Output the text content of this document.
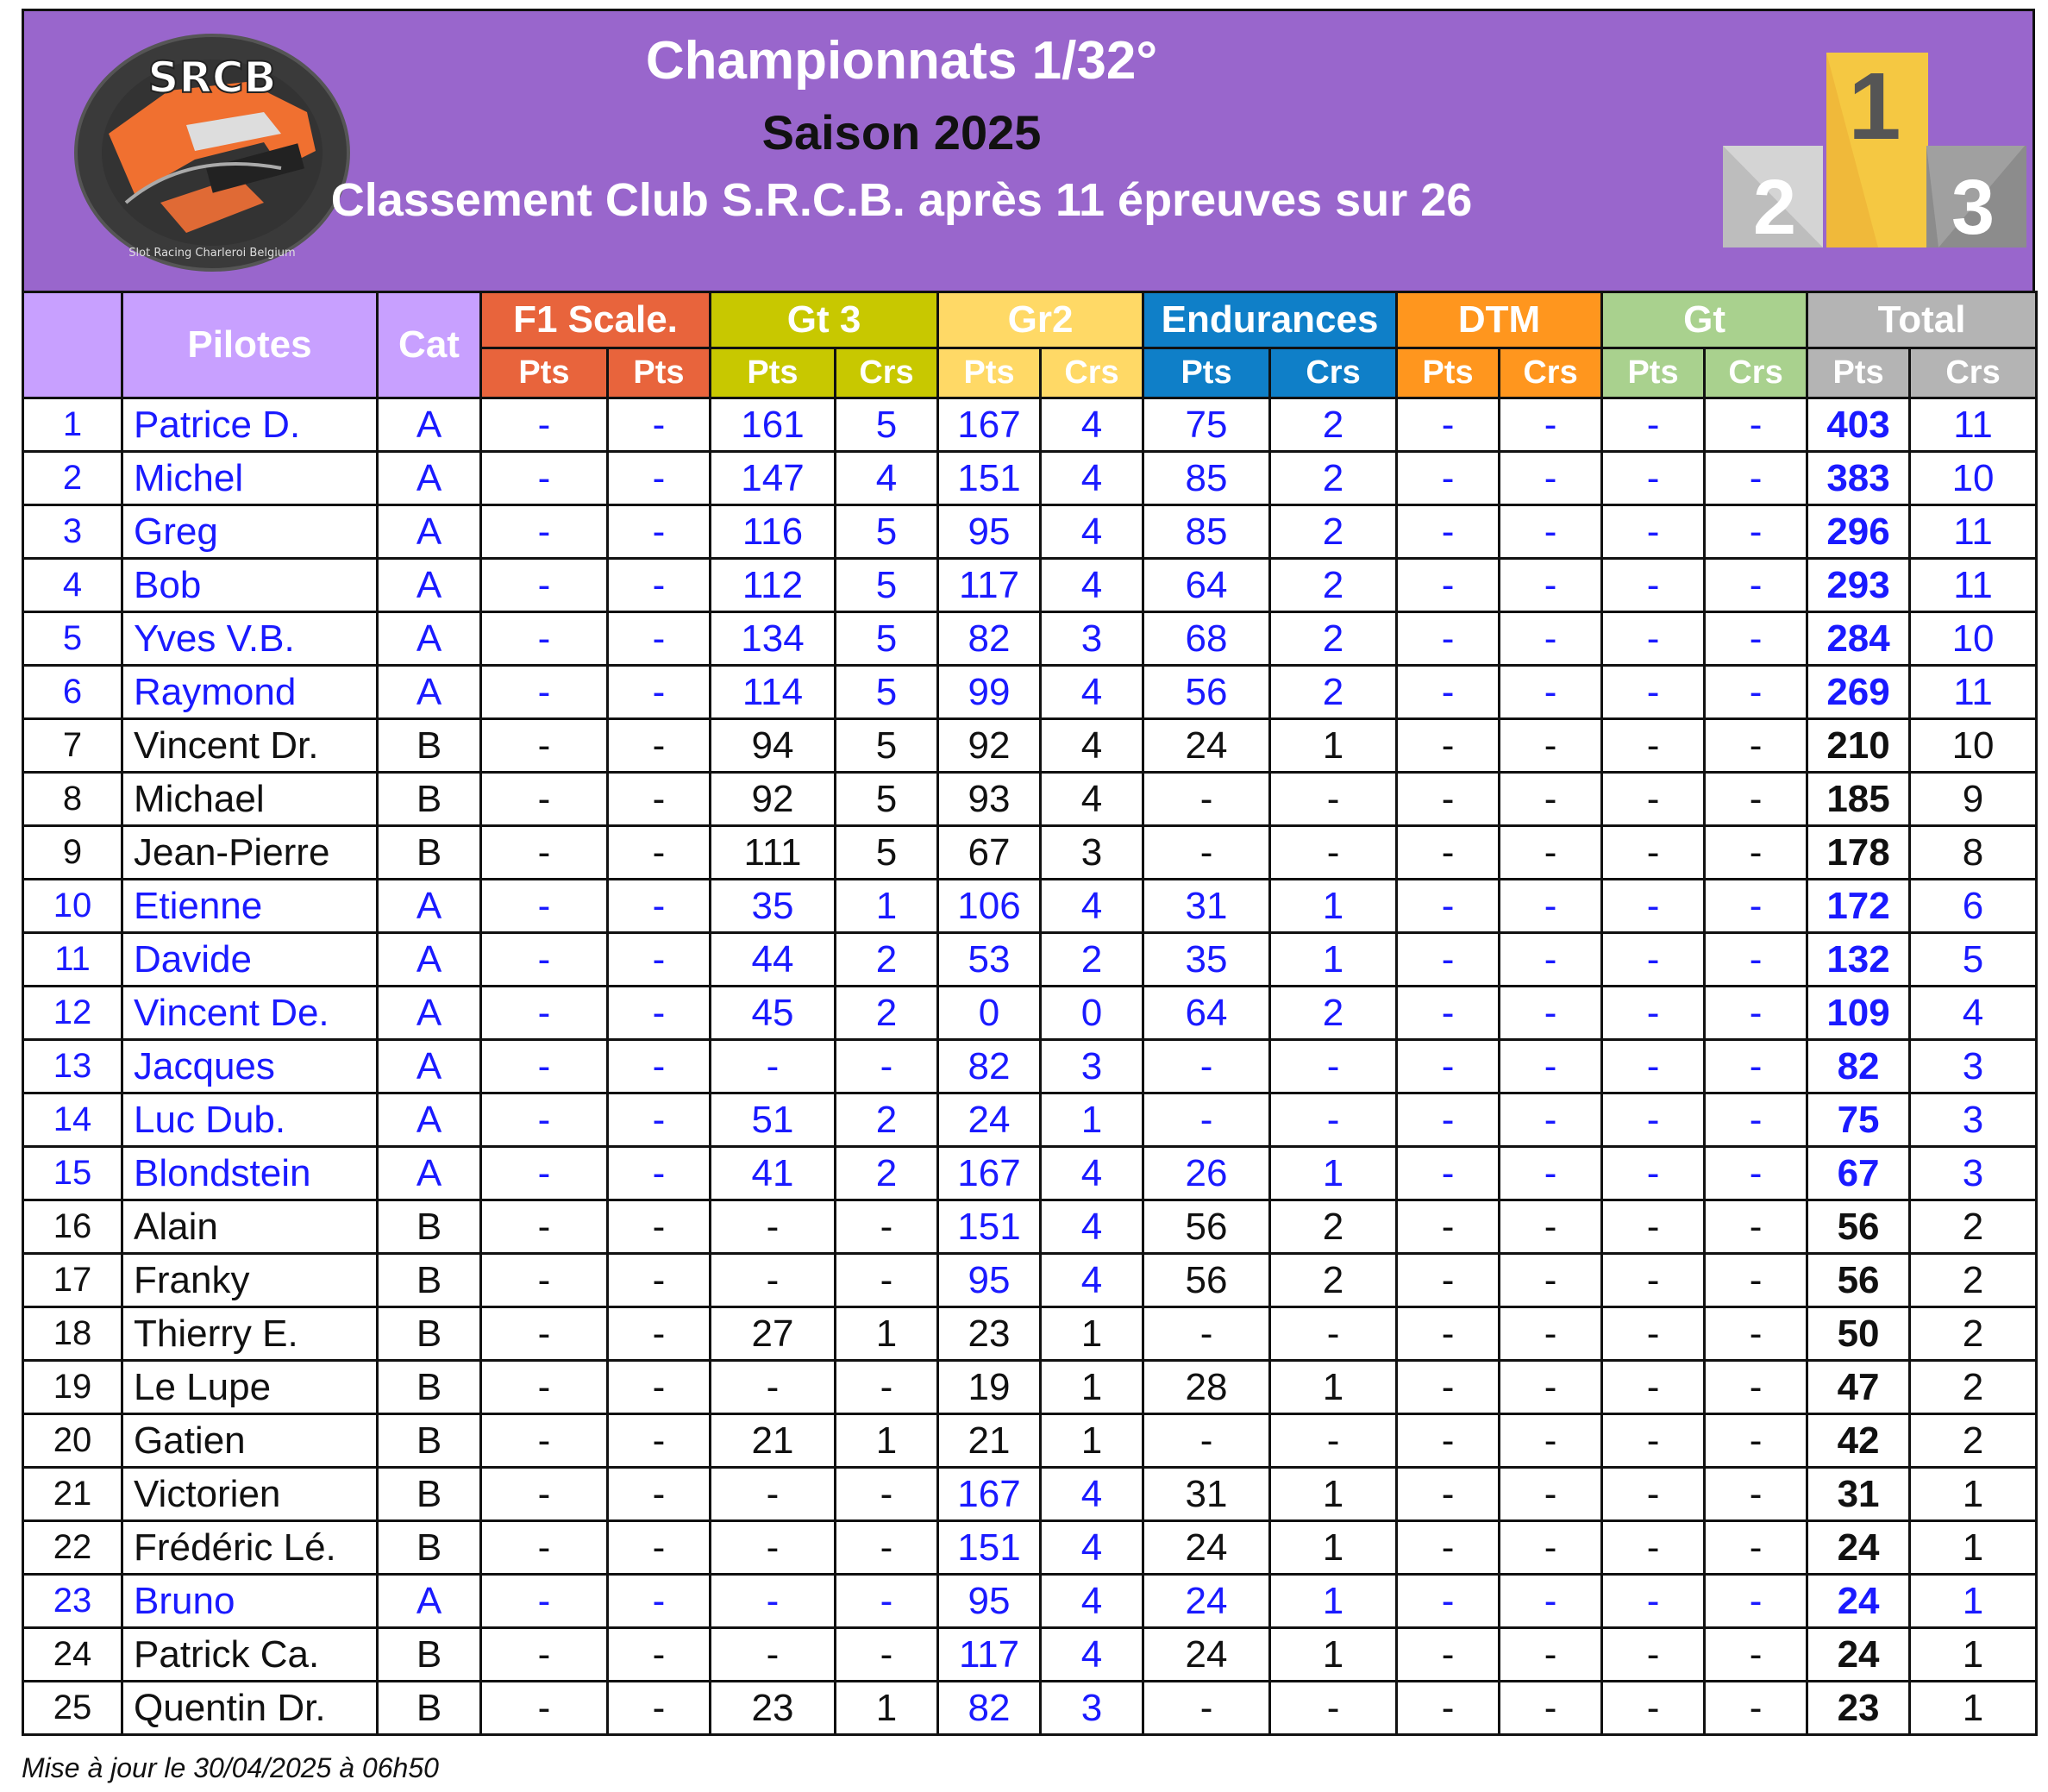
SRCB
Slot Racing Charleroi Belgium
Championnats 1/32°
Saison 2025
Classement Club S.R.C.B. après 11 épreuves sur 26
1
2 3
	Pilotes	Cat	F1 Scale.		Gt 3		Gr2		Endurances		DTM		Gt		Total	
			Pts	Pts	Pts	Crs	Pts	Crs	Pts	Crs	Pts	Crs	Pts	Crs	Pts	Crs
1	Patrice D.	A	-	-	161	5	167	4	75	2	-	-	-	-	403	11
2	Michel	A	-	-	147	4	151	4	85	2	-	-	-	-	383	10
3	Greg	A	-	-	116	5	95	4	85	2	-	-	-	-	296	11
4	Bob	A	-	-	112	5	117	4	64	2	-	-	-	-	293	11
5	Yves V.B.	A	-	-	134	5	82	3	68	2	-	-	-	-	284	10
6	Raymond	A	-	-	114	5	99	4	56	2	-	-	-	-	269	11
7	Vincent Dr.	B	-	-	94	5	92	4	24	1	-	-	-	-	210	10
8	Michael	B	-	-	92	5	93	4	-	-	-	-	-	-	185	9
9	Jean-Pierre	B	-	-	111	5	67	3	-	-	-	-	-	-	178	8
10	Etienne	A	-	-	35	1	106	4	31	1	-	-	-	-	172	6
11	Davide	A	-	-	44	2	53	2	35	1	-	-	-	-	132	5
12	Vincent De.	A	-	-	45	2	0	0	64	2	-	-	-	-	109	4
13	Jacques	A	-	-	-	-	82	3	-	-	-	-	-	-	82	3
14	Luc Dub.	A	-	-	51	2	24	1	-	-	-	-	-	-	75	3
15	Blondstein	A	-	-	41	2	167	4	26	1	-	-	-	-	67	3
16	Alain	B	-	-	-	-	151	4	56	2	-	-	-	-	56	2
17	Franky	B	-	-	-	-	95	4	56	2	-	-	-	-	56	2
18	Thierry E.	B	-	-	27	1	23	1	-	-	-	-	-	-	50	2
19	Le Lupe	B	-	-	-	-	19	1	28	1	-	-	-	-	47	2
20	Gatien	B	-	-	21	1	21	1	-	-	-	-	-	-	42	2
21	Victorien	B	-	-	-	-	167	4	31	1	-	-	-	-	31	1
22	Frédéric Lé.	B	-	-	-	-	151	4	24	1	-	-	-	-	24	1
23	Bruno	A	-	-	-	-	95	4	24	1	-	-	-	-	24	1
24	Patrick Ca.	B	-	-	-	-	117	4	24	1	-	-	-	-	24	1
25	Quentin Dr.	B	-	-	23	1	82	3	-	-	-	-	-	-	23	1
Mise à jour le 30/04/2025 à 06h50
